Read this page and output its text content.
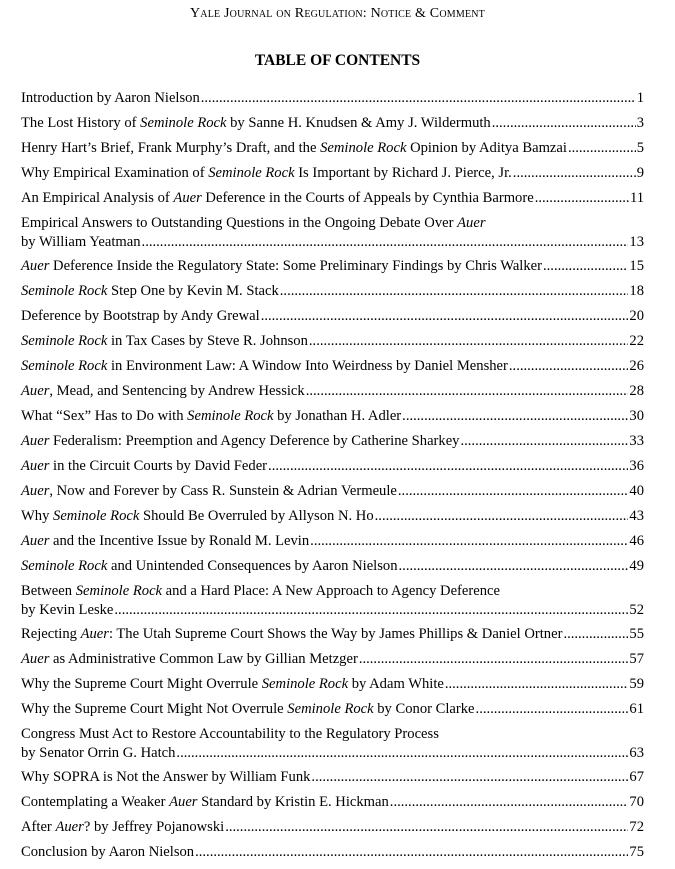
Yale Journal on Regulation: Notice & Comment
TABLE OF CONTENTS
Introduction by Aaron Nielson .....	1
The Lost History of Seminole Rock by Sanne H. Knudsen & Amy J. Wildermuth .....	3
Henry Hart’s Brief, Frank Murphy’s Draft, and the Seminole Rock Opinion by Aditya Bamzai .....	5
Why Empirical Examination of Seminole Rock Is Important by Richard J. Pierce, Jr. .....	9
An Empirical Analysis of Auer Deference in the Courts of Appeals by Cynthia Barmore .....	11
Empirical Answers to Outstanding Questions in the Ongoing Debate Over Auer
by William Yeatman .....	13
Auer Deference Inside the Regulatory State: Some Preliminary Findings by Chris Walker .....	15
Seminole Rock Step One by Kevin M. Stack .....	18
Deference by Bootstrap by Andy Grewal .....	20
Seminole Rock in Tax Cases by Steve R. Johnson .....	22
Seminole Rock in Environment Law: A Window Into Weirdness by Daniel Mensher .....	26
Auer, Mead, and Sentencing by Andrew Hessick .....	28
What “Sex” Has to Do with Seminole Rock by Jonathan H. Adler .....	30
Auer Federalism: Preemption and Agency Deference by Catherine Sharkey .....	33
Auer in the Circuit Courts by David Feder .....	36
Auer, Now and Forever by Cass R. Sunstein & Adrian Vermeule .....	40
Why Seminole Rock Should Be Overruled by Allyson N. Ho .....	43
Auer and the Incentive Issue by Ronald M. Levin .....	46
Seminole Rock and Unintended Consequences by Aaron Nielson .....	49
Between Seminole Rock and a Hard Place: A New Approach to Agency Deference
by Kevin Leske .....	52
Rejecting Auer: The Utah Supreme Court Shows the Way by James Phillips & Daniel Ortner .....	55
Auer as Administrative Common Law by Gillian Metzger .....	57
Why the Supreme Court Might Overrule Seminole Rock by Adam White .....	59
Why the Supreme Court Might Not Overrule Seminole Rock by Conor Clarke .....	61
Congress Must Act to Restore Accountability to the Regulatory Process
by Senator Orrin G. Hatch .....	63
Why SOPRA is Not the Answer by William Funk .....	67
Contemplating a Weaker Auer Standard by Kristin E. Hickman .....	70
After Auer? by Jeffrey Pojanowski .....	72
Conclusion by Aaron Nielson .....	75
